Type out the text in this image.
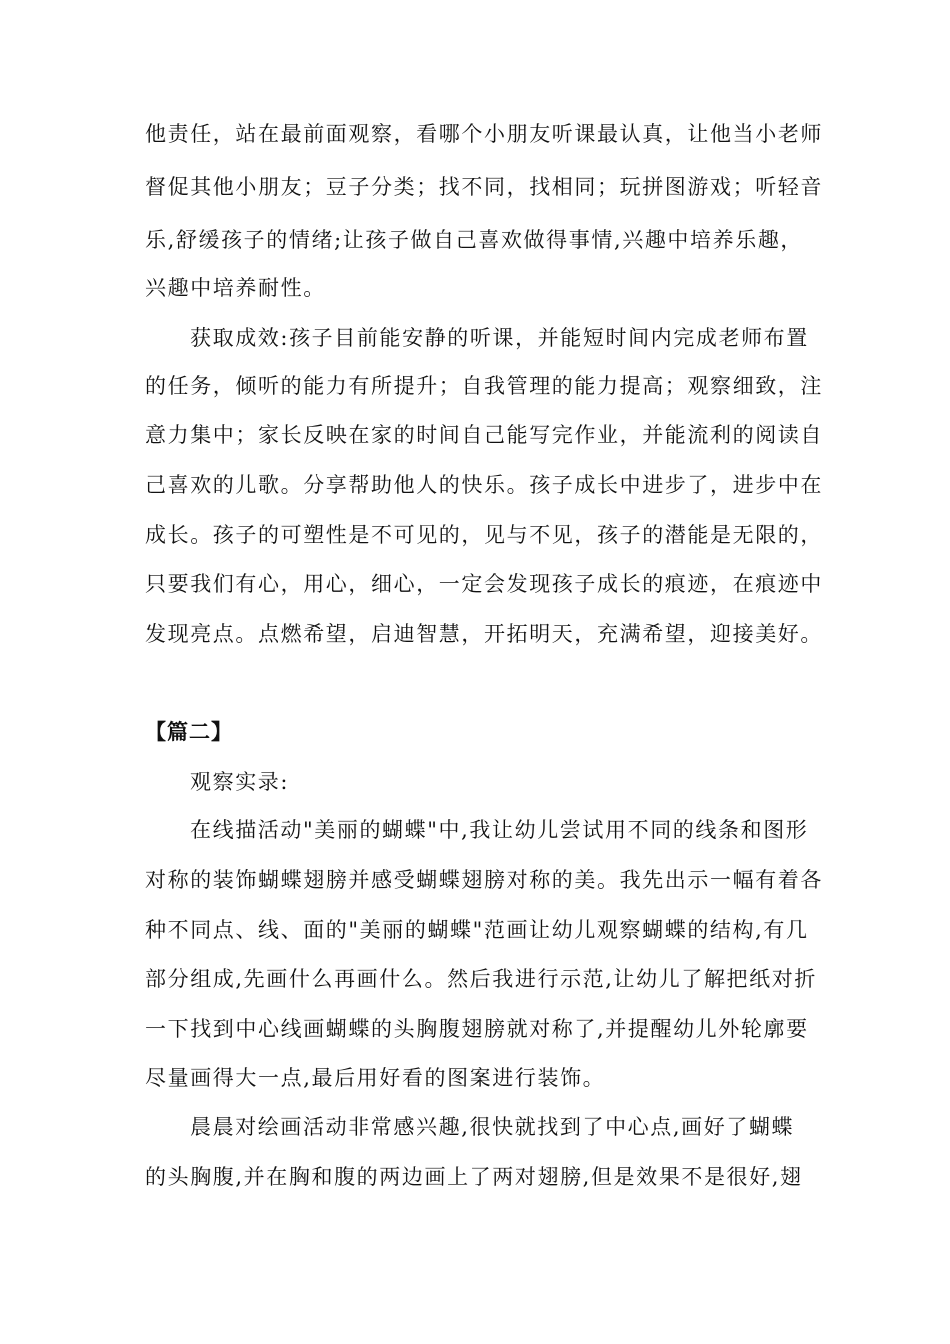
他责任，站在最前面观察，看哪个小朋友听课最认真，让他当小老师
督促其他小朋友；豆子分类；找不同，找相同；玩拼图游戏；听轻音
乐,舒缓孩子的情绪;让孩子做自己喜欢做得事情,兴趣中培养乐趣，
兴趣中培养耐性。
获取成效:孩子目前能安静的听课，并能短时间内完成老师布置
的任务，倾听的能力有所提升；自我管理的能力提高；观察细致，注
意力集中；家长反映在家的时间自己能写完作业，并能流利的阅读自
己喜欢的儿歌。分享帮助他人的快乐。孩子成长中进步了，进步中在
成长。孩子的可塑性是不可见的，见与不见，孩子的潜能是无限的，
只要我们有心，用心，细心，一定会发现孩子成长的痕迹，在痕迹中
发现亮点。点燃希望，启迪智慧，开拓明天，充满希望，迎接美好。
【篇二】
观察实录:
在线描活动"美丽的蝴蝶"中,我让幼儿尝试用不同的线条和图形
对称的装饰蝴蝶翅膀并感受蝴蝶翅膀对称的美。我先出示一幅有着各
种不同点、线、面的"美丽的蝴蝶"范画让幼儿观察蝴蝶的结构,有几
部分组成,先画什么再画什么。然后我进行示范,让幼儿了解把纸对折
一下找到中心线画蝴蝶的头胸腹翅膀就对称了,并提醒幼儿外轮廓要
尽量画得大一点,最后用好看的图案进行装饰。
晨晨对绘画活动非常感兴趣,很快就找到了中心点,画好了蝴蝶
的头胸腹,并在胸和腹的两边画上了两对翅膀,但是效果不是很好,翅
